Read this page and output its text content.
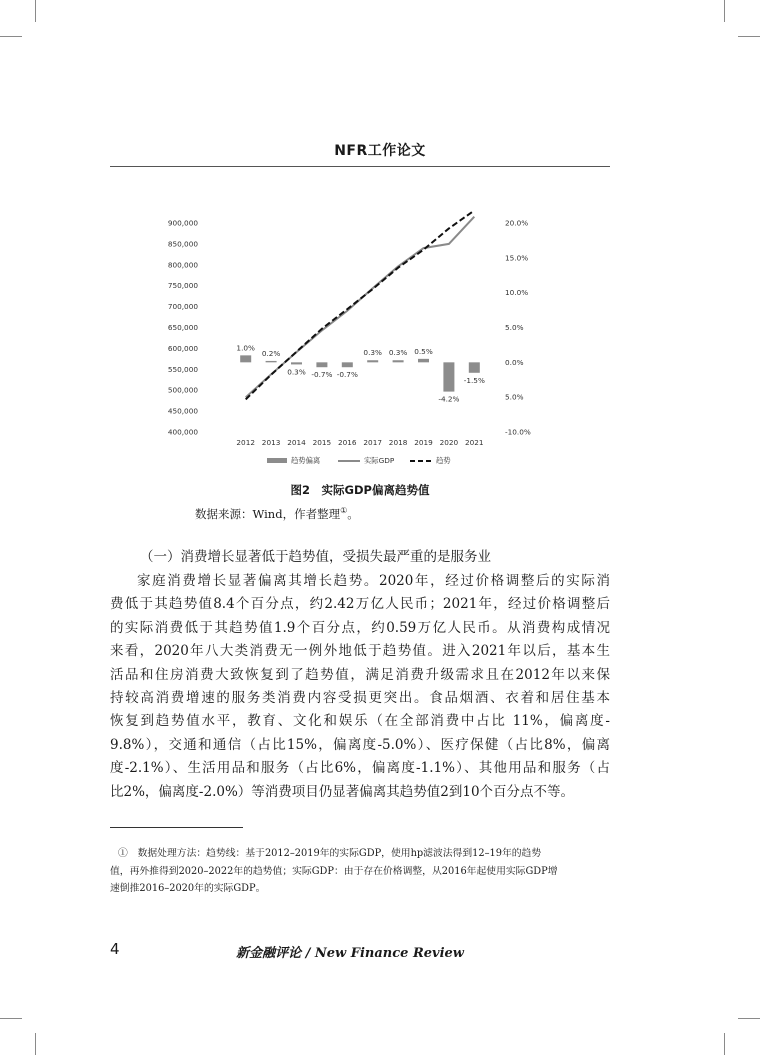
NFR工作论文
400,000
450,000
500,000
550,000
600,000
650,000
700,000
750,000
800,000
850,000
900,000
-10.0%
5.0%
0.0%
5.0%
10.0%
15.0%
20.0%
1.0%
0.2%
0.3% -0.7% -0.7%
0.3% 0.3% 0.5%
-4.2%
-1.5%
2012 2013 2014 2015 2016 2017 2018 2019 2020 2021
趋势偏离	实际GDP	趋势
图2　实际GDP偏离趋势值
数据来源：Wind，作者整理①。
（一）消费增长显著低于趋势值，受损失最严重的是服务业

家庭消费增长显著偏离其增长趋势。2020年，经过价格调整后的实际消
费低于其趋势值8.4个百分点，约2.42万亿人民币；2021年，经过价格调整后
的实际消费低于其趋势值1.9个百分点，约0.59万亿人民币。从消费构成情况
来看，2020年八大类消费无一例外地低于趋势值。进入2021年以后，基本生
活品和住房消费大致恢复到了趋势值，满足消费升级需求且在2012年以来保
持较高消费增速的服务类消费内容受损更突出。食品烟酒、衣着和居住基本
恢复到趋势值水平，教育、文化和娱乐（在全部消费中占比 11%，偏离度-
9.8%），交通和通信（占比15%，偏离度-5.0%）、医疗保健（占比8%，偏离
度-2.1%）、生活用品和服务（占比6%，偏离度-1.1%）、其他用品和服务（占
比2%，偏离度-2.0%）等消费项目仍显著偏离其趋势值2到10个百分点不等。

①　数据处理方法：趋势线：基于2012–2019年的实际GDP，使用hp滤波法得到12–19年的趋势
值，再外推得到2020–2022年的趋势值；实际GDP：由于存在价格调整，从2016年起使用实际GDP增
速倒推2016–2020年的实际GDP。
4	新金融评论 / New Finance Review
